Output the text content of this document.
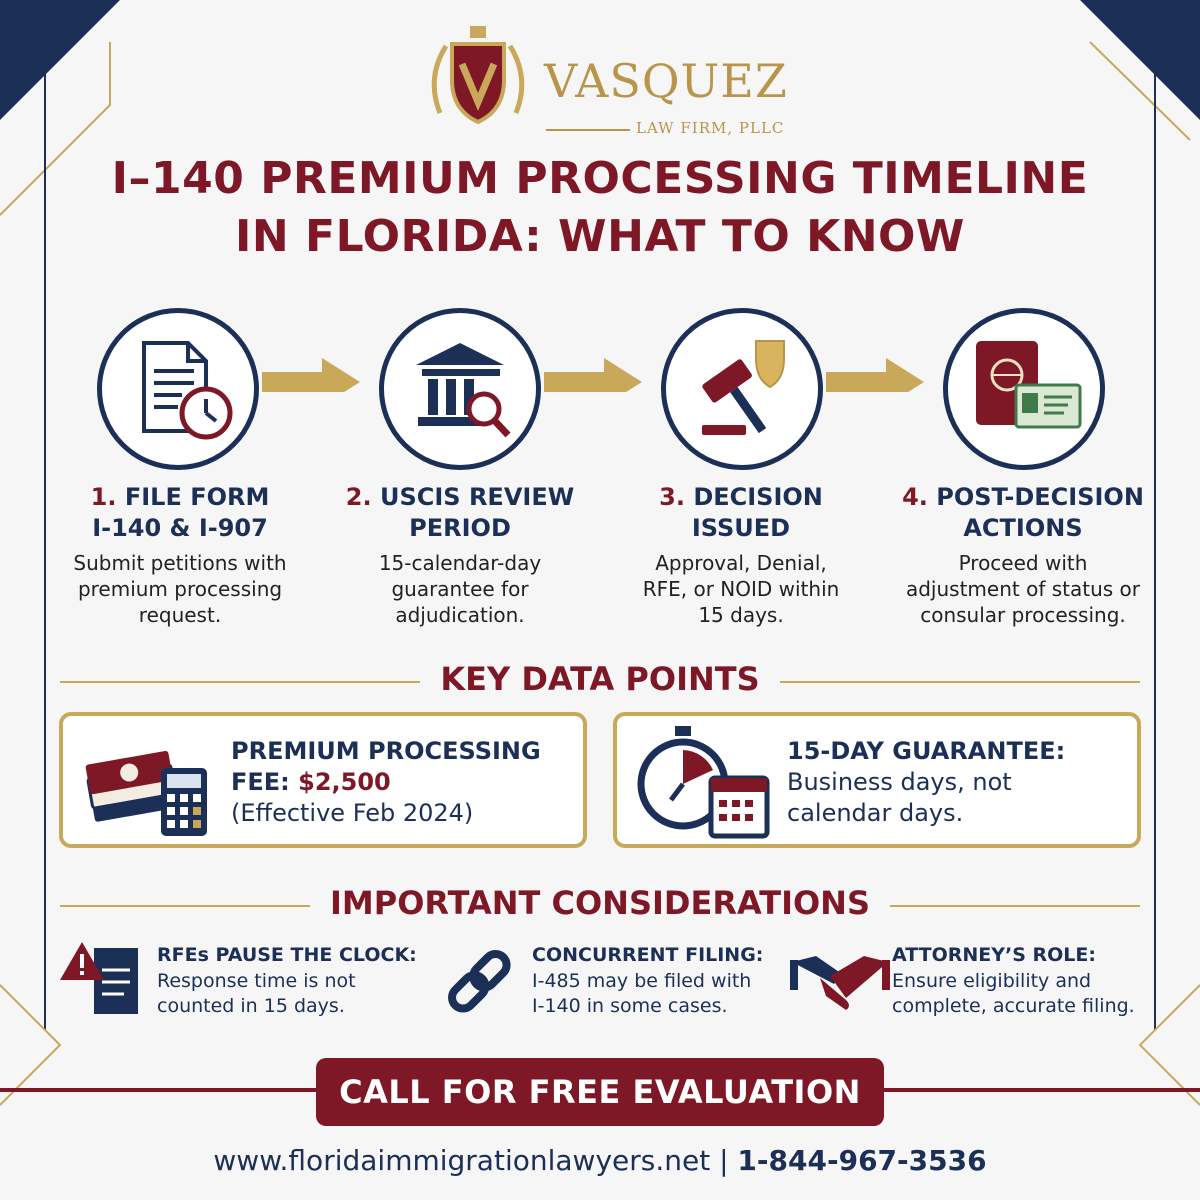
VASQUEZ
LAW FIRM, PLLC
I–140 PREMIUM PROCESSING TIMELINE
IN FLORIDA: WHAT TO KNOW
1. FILE FORM
I-140 & I-907
Submit petitions with
premium processing
request.
2. USCIS REVIEW
PERIOD
15-calendar-day
guarantee for
adjudication.
3. DECISION
ISSUED
Approval, Denial,
RFE, or NOID within
15 days.
4. POST-DECISION
ACTIONS
Proceed with
adjustment of status or
consular processing.
KEY DATA POINTS
PREMIUM PROCESSING
FEE: $2,500
(Effective Feb 2024)
15-DAY GUARANTEE:
Business days, not
calendar days.
IMPORTANT CONSIDERATIONS
RFEs PAUSE THE CLOCK:
Response time is not
counted in 15 days.
CONCURRENT FILING:
I-485 may be filed with
I-140 in some cases.
ATTORNEY’S ROLE:
Ensure eligibility and
complete, accurate filing.
CALL FOR FREE EVALUATION
www.floridaimmigrationlawyers.net | 1-844-967-3536
